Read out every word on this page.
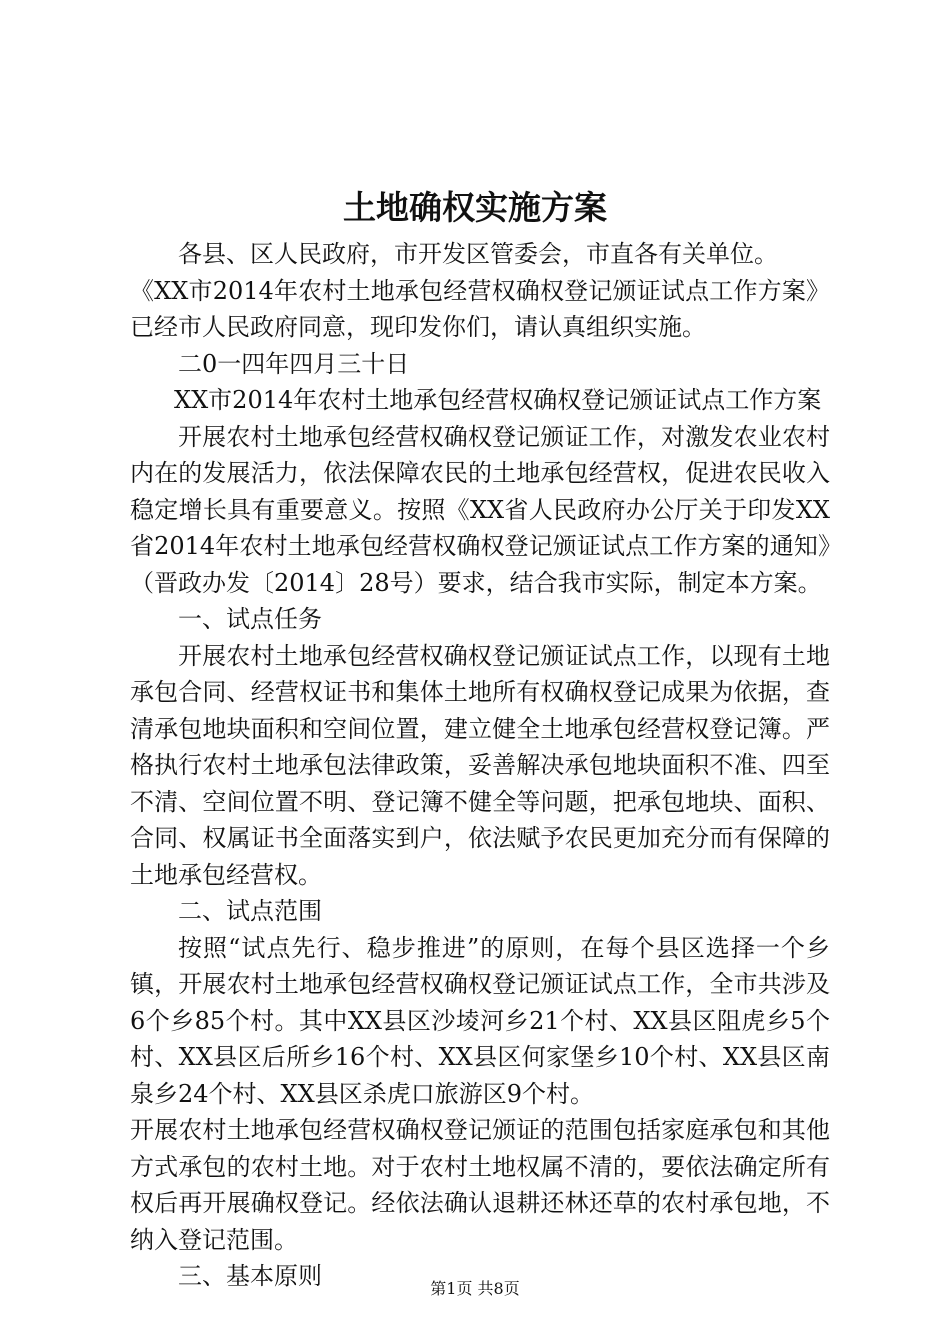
土地确权实施方案

各县、区人民政府，市开发区管委会，市直各有关单位。

《XX市2014年农村土地承包经营权确权登记颁证试点工作方案》已经市人民政府同意，现印发你们，请认真组织实施。

二0一四年四月三十日

XX市2014年农村土地承包经营权确权登记颁证试点工作方案

开展农村土地承包经营权确权登记颁证工作，对激发农业农村内在的发展活力，依法保障农民的土地承包经营权，促进农民收入稳定增长具有重要意义。按照《XX省人民政府办公厅关于印发XX省2014年农村土地承包经营权确权登记颁证试点工作方案的通知》（晋政办发〔2014〕28号）要求，结合我市实际，制定本方案。

一、试点任务

开展农村土地承包经营权确权登记颁证试点工作，以现有土地承包合同、经营权证书和集体土地所有权确权登记成果为依据，查清承包地块面积和空间位置，建立健全土地承包经营权登记簿。严格执行农村土地承包法律政策，妥善解决承包地块面积不准、四至不清、空间位置不明、登记簿不健全等问题，把承包地块、面积、合同、权属证书全面落实到户，依法赋予农民更加充分而有保障的土地承包经营权。

二、试点范围

按照“试点先行、稳步推进”的原则，在每个县区选择一个乡镇，开展农村土地承包经营权确权登记颁证试点工作，全市共涉及6个乡85个村。其中XX县区沙堎河乡21个村、XX县区阻虎乡5个村、XX县区后所乡16个村、XX县区何家堡乡10个村、XX县区南泉乡24个村、XX县区杀虎口旅游区9个村。

开展农村土地承包经营权确权登记颁证的范围包括家庭承包和其他方式承包的农村土地。对于农村土地权属不清的，要依法确定所有权后再开展确权登记。经依法确认退耕还林还草的农村承包地，不纳入登记范围。

三、基本原则	第1页 共8页
